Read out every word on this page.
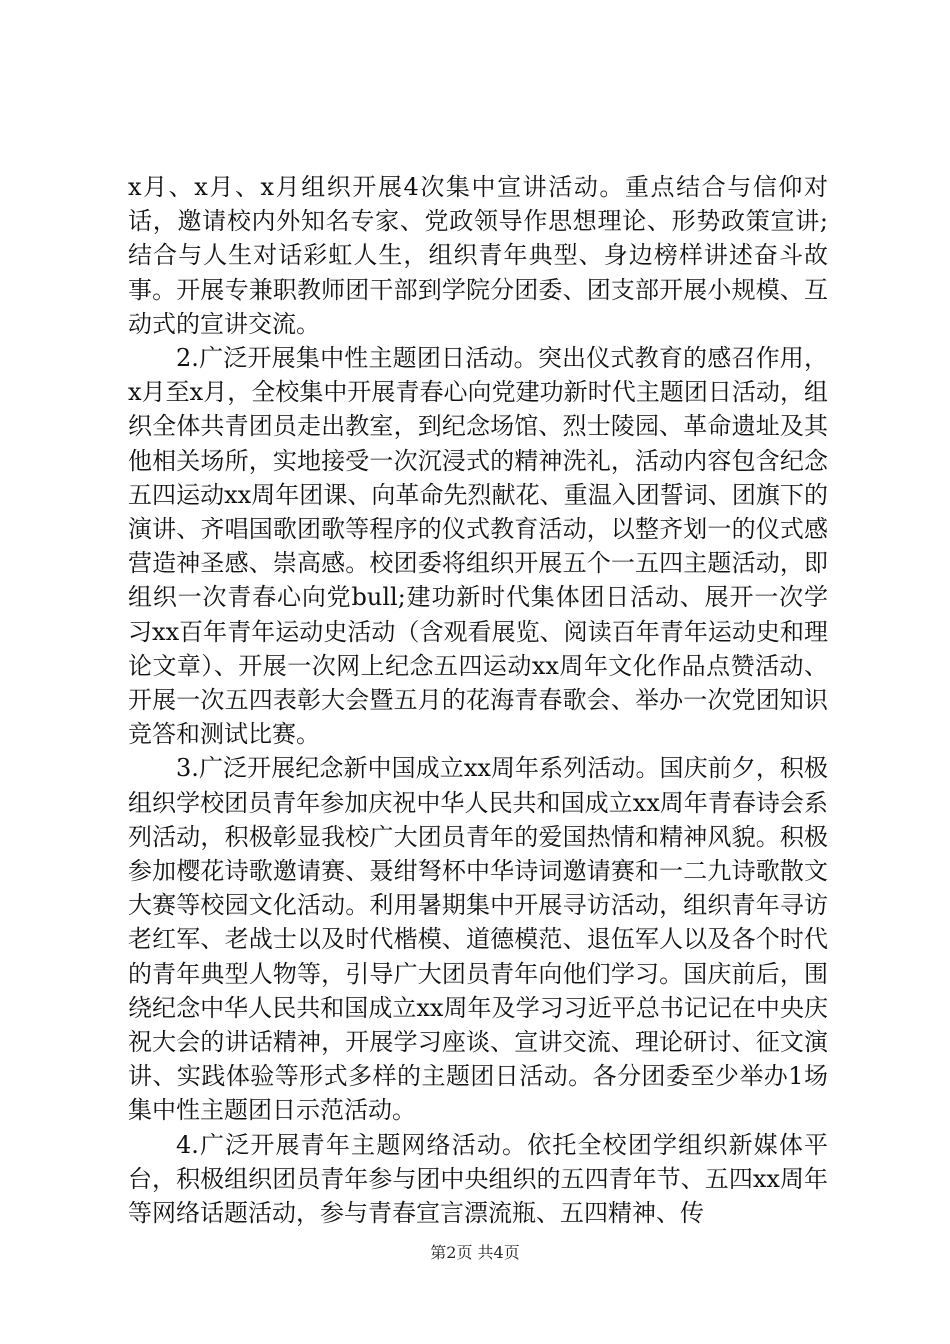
x月、x月、x月组织开展4次集中宣讲活动。重点结合与信仰对话，邀请校内外知名专家、党政领导作思想理论、形势政策宣讲;结合与人生对话彩虹人生，组织青年典型、身边榜样讲述奋斗故事。开展专兼职教师团干部到学院分团委、团支部开展小规模、互动式的宣讲交流。

2.广泛开展集中性主题团日活动。突出仪式教育的感召作用，x月至x月，全校集中开展青春心向党建功新时代主题团日活动，组织全体共青团员走出教室，到纪念场馆、烈士陵园、革命遗址及其他相关场所，实地接受一次沉浸式的精神洗礼，活动内容包含纪念五四运动xx周年团课、向革命先烈献花、重温入团誓词、团旗下的演讲、齐唱国歌团歌等程序的仪式教育活动，以整齐划一的仪式感营造神圣感、崇高感。校团委将组织开展五个一五四主题活动，即组织一次青春心向党bull;建功新时代集体团日活动、展开一次学习xx百年青年运动史活动（含观看展览、阅读百年青年运动史和理论文章）、开展一次网上纪念五四运动xx周年文化作品点赞活动、开展一次五四表彰大会暨五月的花海青春歌会、举办一次党团知识竞答和测试比赛。

3.广泛开展纪念新中国成立xx周年系列活动。国庆前夕，积极组织学校团员青年参加庆祝中华人民共和国成立xx周年青春诗会系列活动，积极彰显我校广大团员青年的爱国热情和精神风貌。积极参加樱花诗歌邀请赛、聂绀弩杯中华诗词邀请赛和一二九诗歌散文大赛等校园文化活动。利用暑期集中开展寻访活动，组织青年寻访老红军、老战士以及时代楷模、道德模范、退伍军人以及各个时代的青年典型人物等，引导广大团员青年向他们学习。国庆前后，围绕纪念中华人民共和国成立xx周年及学习习近平总书记记在中央庆祝大会的讲话精神，开展学习座谈、宣讲交流、理论研讨、征文演讲、实践体验等形式多样的主题团日活动。各分团委至少举办1场集中性主题团日示范活动。

4.广泛开展青年主题网络活动。依托全校团学组织新媒体平台，积极组织团员青年参与团中央组织的五四青年节、五四xx周年等网络话题活动，参与青春宣言漂流瓶、五四精神、传

第2页 共4页
